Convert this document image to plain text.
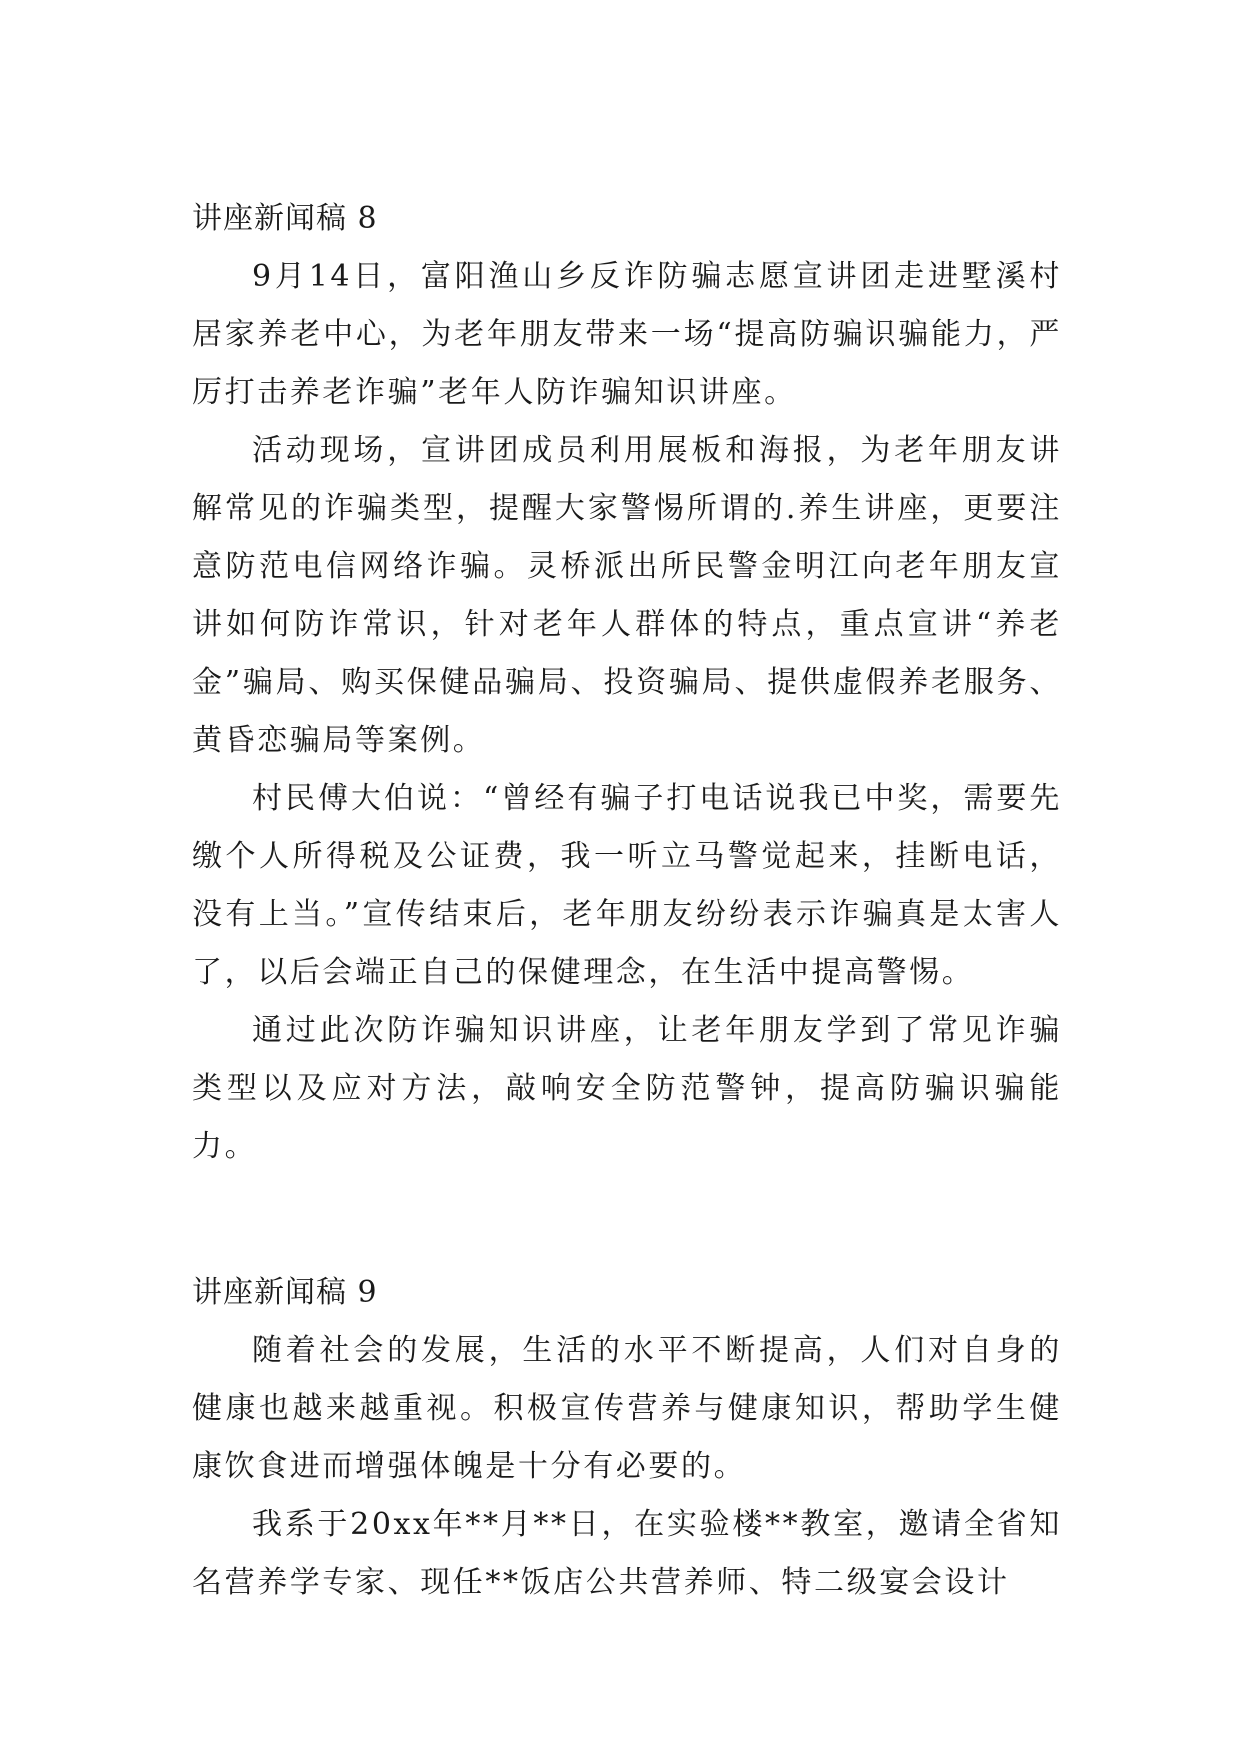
讲座新闻稿 8

9月14日，富阳渔山乡反诈防骗志愿宣讲团走进墅溪村居家养老中心，为老年朋友带来一场“提高防骗识骗能力，严厉打击养老诈骗”老年人防诈骗知识讲座。

活动现场，宣讲团成员利用展板和海报，为老年朋友讲解常见的诈骗类型，提醒大家警惕所谓的.养生讲座，更要注意防范电信网络诈骗。灵桥派出所民警金明江向老年朋友宣讲如何防诈常识，针对老年人群体的特点，重点宣讲“养老金”骗局、购买保健品骗局、投资骗局、提供虚假养老服务、黄昏恋骗局等案例。

村民傅大伯说：“曾经有骗子打电话说我已中奖，需要先缴个人所得税及公证费，我一听立马警觉起来，挂断电话，没有上当。”宣传结束后，老年朋友纷纷表示诈骗真是太害人了，以后会端正自己的保健理念，在生活中提高警惕。

通过此次防诈骗知识讲座，让老年朋友学到了常见诈骗类型以及应对方法，敲响安全防范警钟，提高防骗识骗能力。

讲座新闻稿 9

随着社会的发展，生活的水平不断提高，人们对自身的健康也越来越重视。积极宣传营养与健康知识，帮助学生健康饮食进而增强体魄是十分有必要的。

我系于20xx年**月**日，在实验楼**教室，邀请全省知名营养学专家、现任**饭店公共营养师、特二级宴会设计
